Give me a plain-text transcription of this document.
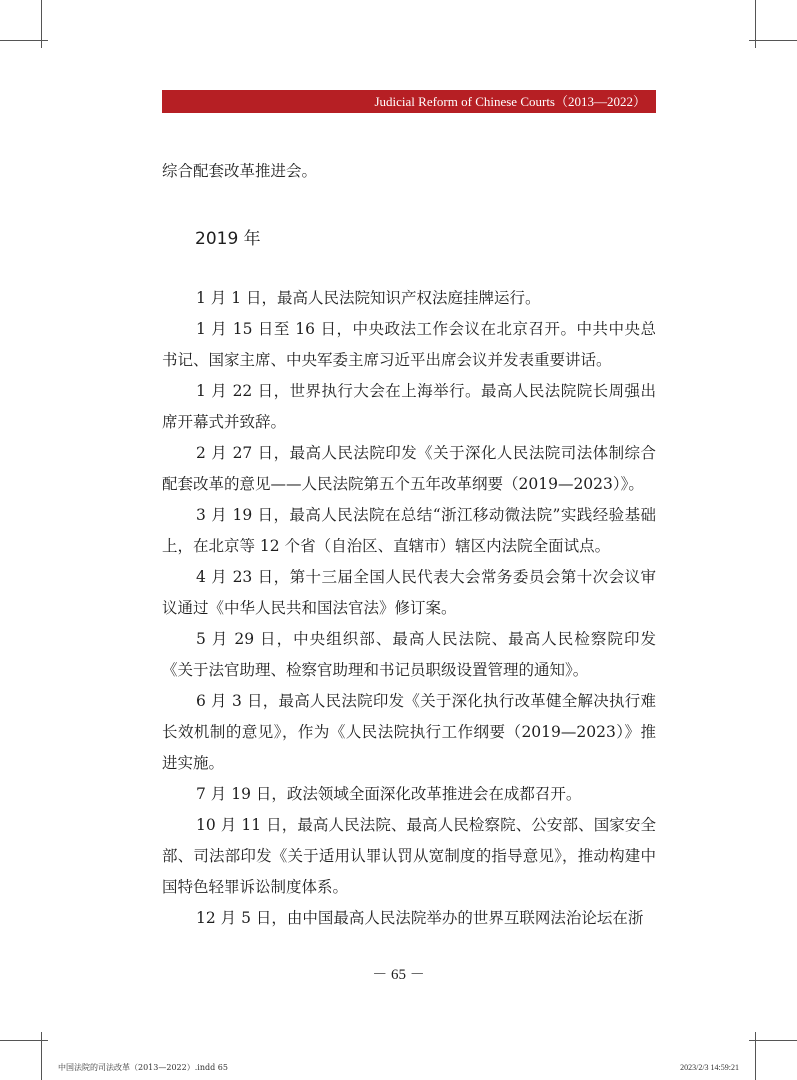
Judicial Reform of Chinese Courts（2013—2022）

综合配套改革推进会。

2019 年

1 月 1 日，最高人民法院知识产权法庭挂牌运行。

1 月 15 日至 16 日，中央政法工作会议在北京召开。中共中央总书记、国家主席、中央军委主席习近平出席会议并发表重要讲话。

1 月 22 日，世界执行大会在上海举行。最高人民法院院长周强出席开幕式并致辞。

2 月 27 日，最高人民法院印发《关于深化人民法院司法体制综合配套改革的意见——人民法院第五个五年改革纲要（2019—2023）》。

3 月 19 日，最高人民法院在总结“浙江移动微法院”实践经验基础上，在北京等 12 个省（自治区、直辖市）辖区内法院全面试点。

4 月 23 日，第十三届全国人民代表大会常务委员会第十次会议审议通过《中华人民共和国法官法》修订案。

5 月 29 日，中央组织部、最高人民法院、最高人民检察院印发《关于法官助理、检察官助理和书记员职级设置管理的通知》。

6 月 3 日，最高人民法院印发《关于深化执行改革健全解决执行难长效机制的意见》，作为《人民法院执行工作纲要（2019—2023）》推进实施。

7 月 19 日，政法领域全面深化改革推进会在成都召开。

10 月 11 日，最高人民法院、最高人民检察院、公安部、国家安全部、司法部印发《关于适用认罪认罚从宽制度的指导意见》，推动构建中国特色轻罪诉讼制度体系。

12 月 5 日，由中国最高人民法院举办的世界互联网法治论坛在浙

－ 65 －
中国法院的司法改革（2013—2022）.indd 65	2023/2/3 14:59:21
